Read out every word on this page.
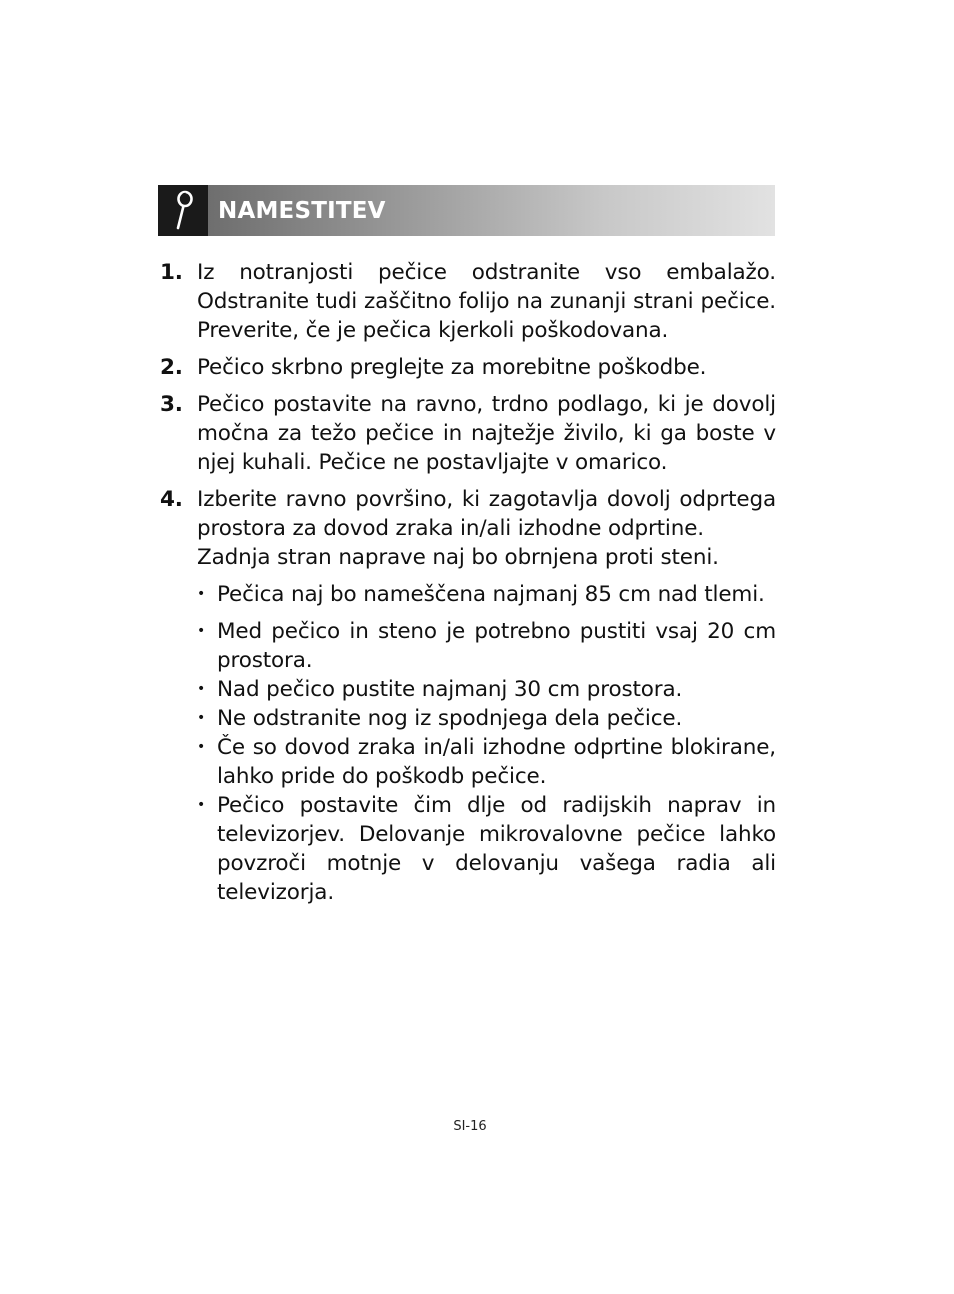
NAMESTITEV
1. Iz notranjosti pečice odstranite vso embalažo. Odstranite tudi zaščitno folijo na zunanji strani pečice. Preverite, če je pečica kjerkoli poškodovana.

2. Pečico skrbno preglejte za morebitne poškodbe.

3. Pečico postavite na ravno, trdno podlago, ki je dovolj močna za težo pečice in najtežje živilo, ki ga boste v njej kuhali. Pečice ne postavljajte v omarico.

4. Izberite ravno površino, ki zagotavlja dovolj odprtega prostora za dovod zraka in/ali izhodne odprtine.

Zadnja stran naprave naj bo obrnjena proti steni.

• Pečica naj bo nameščena najmanj 85 cm nad tlemi.
• Med pečico in steno je potrebno pustiti vsaj 20 cm prostora.
• Nad pečico pustite najmanj 30 cm prostora.
• Ne odstranite nog iz spodnjega dela pečice.
• Če so dovod zraka in/ali izhodne odprtine blokirane, lahko pride do poškodb pečice.
• Pečico postavite čim dlje od radijskih naprav in televizorjev. Delovanje mikrovalovne pečice lahko povzroči motnje v delovanju vašega radia ali televizorja.
SI-16
